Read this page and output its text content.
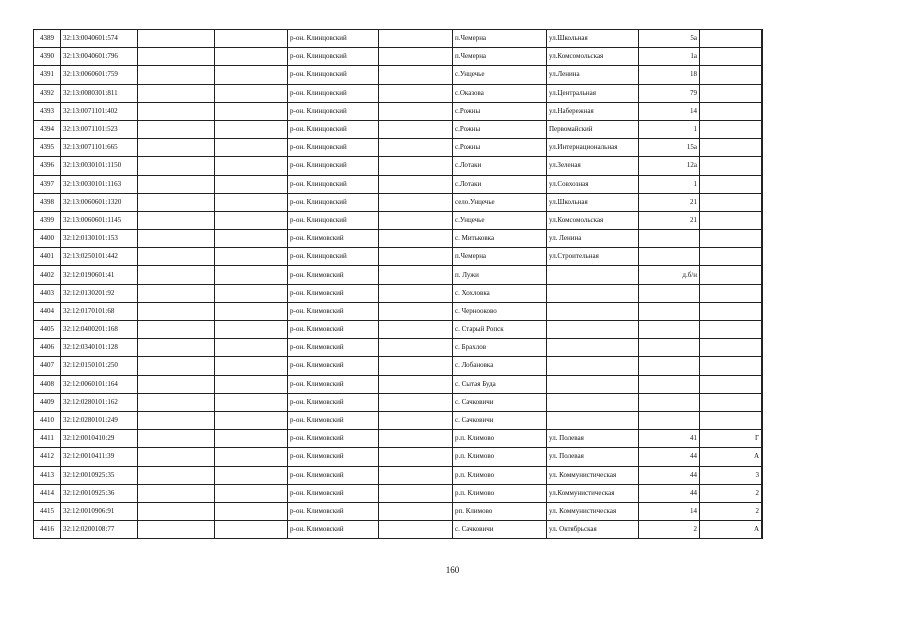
4389	32:13:0040601:574			р-он. Клинцовский		п.Чемерна	ул.Школьная	5а		
4390	32:13:0040601:796			р-он. Клинцовский		п.Чемерна	ул.Комсомольская	1а		
4391	32:13:0060601:759			р-он. Клинцовский		с.Унцечье	ул.Ленина	18		
4392	32:13:0080301:811			р-он. Клинцовский		с.Оказова	ул.Центральная	79		
4393	32:13:0071101:402			р-он. Клинцовский		с.Рожны	ул.Набережная	14		
4394	32:13:0071101:523			р-он. Клинцовский		с.Рожны	Первомайский	1		
4395	32:13:0071101:665			р-он. Клинцовский		с.Рожны	ул.Интернациональная	15а		
4396	32:13:0030101:1150			р-он. Клинцовский		с.Лотаки	ул.Зеленая	12а		
4397	32:13:0030101:1163			р-он. Клинцовский		с.Лотаки	ул.Совхозная	1		
4398	32:13:0060601:1320			р-он. Клинцовский		село.Унцечье	ул.Школьная	21		
4399	32:13:0060601:1145			р-он. Клинцовский		с.Унцечье	ул.Комсомольская	21		
4400	32:12:0130101:153			р-он. Климовский		с. Митьковка	ул. Ленина			
4401	32:13:0250101:442			р-он. Клинцовский		п.Чемерна	ул.Строительная			
4402	32:12:0190601:41			р-он. Климовский		п. Лужи		д.б/н		
4403	32:12:0130201:92			р-он. Климовский		с. Хохловка				
4404	32:12:0170101:68			р-он. Климовский		с. Чернооково				
4405	32:12:0400201:168			р-он. Климовский		с. Старый Ропск				
4406	32:12:0340101:128			р-он. Климовский		с. Брахлов				
4407	32:12:0150101:250			р-он. Климовский		с. Лобановка				
4408	32:12:0060101:164			р-он. Климовский		с. Сытая Буда				
4409	32:12:0280101:162			р-он. Климовский		с. Сачковичи				
4410	32:12:0280101:249			р-он. Климовский		с. Сачковичи				
4411	32:12:0010410:29			р-он. Климовский		р.п. Климово	ул. Полевая	41	Г	
4412	32:12:0010411:39			р-он. Климовский		р.п. Климово	ул. Полевая	44	А	
4413	32:12:0010925:35			р-он. Климовский		р.п. Климово	ул. Коммунистическая	44	3	
4414	32:12:0010925:36			р-он. Климовский		р.п. Климово	ул.Коммунистическая	44	2	
4415	32:12:0010906:91			р-он. Климовский		рп. Климово	ул. Коммунистическая	14	2	
4416	32:12:0200108:77			р-он. Климовский		с. Сачковичи	ул. Октябрьская	2	А	
160
